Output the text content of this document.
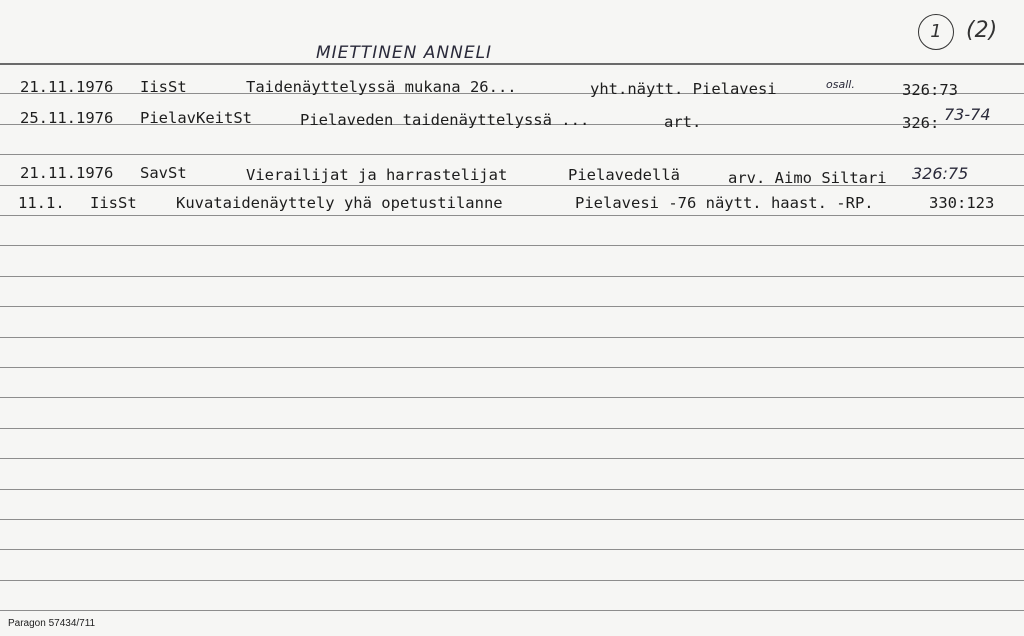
MIETTINEN ANNELI
1	(2)
21.11.1976 IisSt	Taidenäyttelyssä mukana 26...	yht.näytt. Pielavesi	osall.	326:73
25.11.1976 PielavKeitSt	Pielaveden taidenäyttelyssä ...	art.	326: 73-74
21.11.1976 SavSt	Vierailijat ja harrastelijat	Pielavedellä	arv. Aimo Siltari 326:75
11.1. IisSt	Kuvataidenäyttely yhä opetustilanne	Pielavesi -76 näytt. haast. -RP.	330:123
Paragon 57434/711
